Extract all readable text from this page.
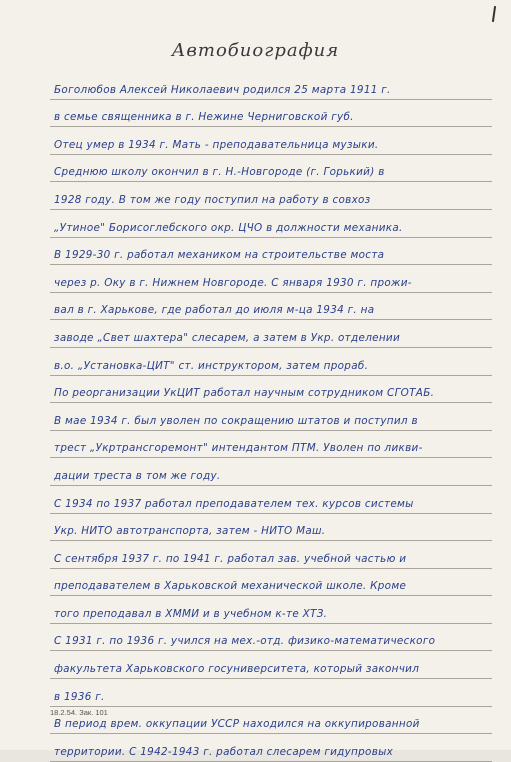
Автобиография
Боголюбов Алексей Николаевич родился 25 марта 1911 г.
в семье священника в г. Нежине Черниговской губ.
Отец умер в 1934 г. Мать - преподавательница музыки.
Среднюю школу окончил в г. Н.-Новгороде (г. Горький) в
1928 году. В том же году поступил на работу в совхоз
„Утиное" Борисоглебского окр. ЦЧО в должности механика.
В 1929-30 г. работал механиком на строительстве моста
через р. Оку в г. Нижнем Новгороде. С января 1930 г. прожи-
вал в г. Харькове, где работал до июля м-ца 1934 г. на
заводе „Свет шахтера" слесарем, а затем в Укр. отделении
в.о. „Установка-ЦИТ" ст. инструктором, затем прораб.
По реорганизации УкЦИТ работал научным сотрудником СГОТАБ.
В мае 1934 г. был уволен по сокращению штатов и поступил в
трест „Укртрансгоремонт" интендантом ПТМ. Уволен по ликви-
дации треста в том же году.
С 1934 по 1937 работал преподавателем тех. курсов системы
Укр. НИТО автотранспорта, затем - НИТО Маш.
С сентября 1937 г. по 1941 г. работал зав. учебной частью и
преподавателем в Харьковской механической школе. Кроме
того преподавал в ХММИ и в учебном к-те ХТЗ.
С 1931 г. по 1936 г. учился на мех.-отд. физико-математического
факультета Харьковского госуниверситета, который закончил
в 1936 г.
В период врем. оккупации УССР находился на оккупированной
территории. С 1942-1943 г. работал слесарем гидупровых
18.2.54. Зак. 101
